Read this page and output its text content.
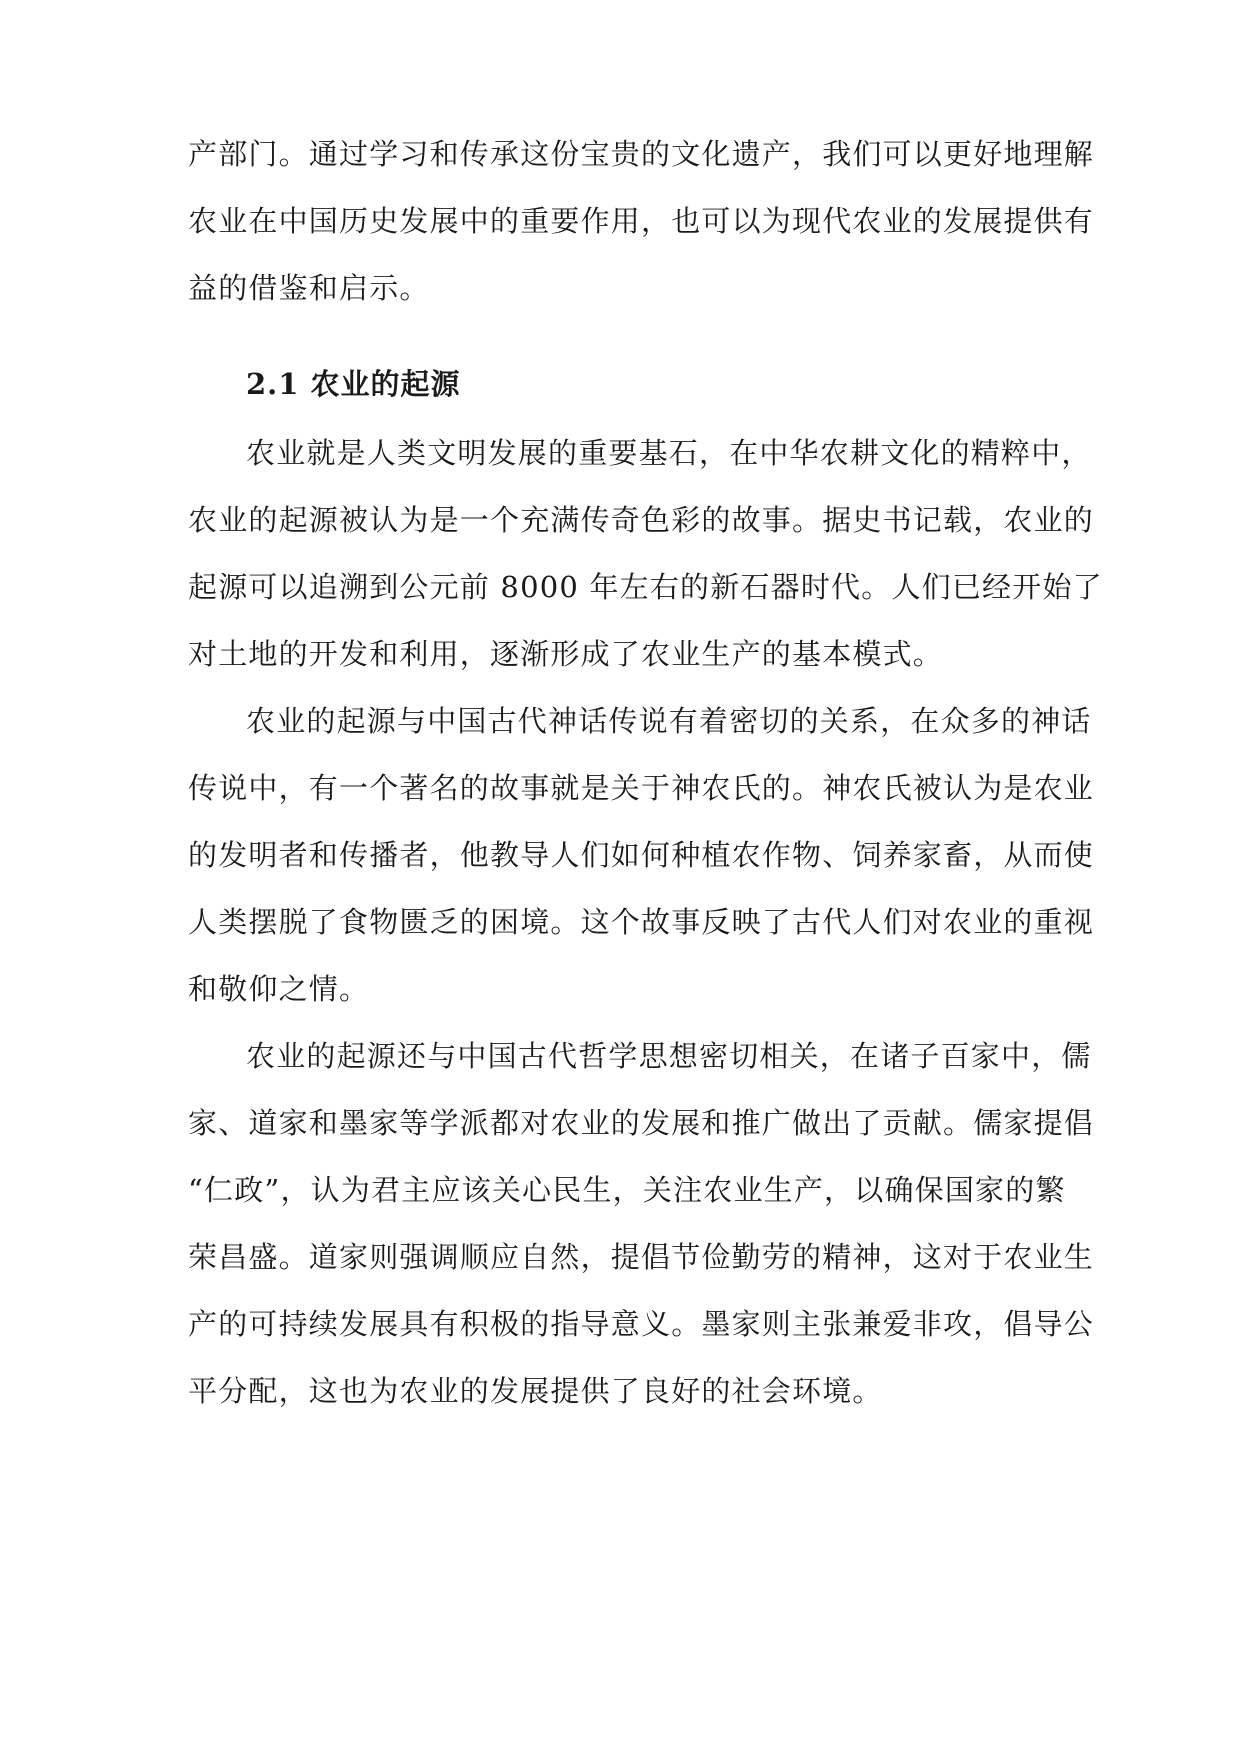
产部门。通过学习和传承这份宝贵的文化遗产，我们可以更好地理解
农业在中国历史发展中的重要作用，也可以为现代农业的发展提供有
益的借鉴和启示。
2.1 农业的起源
农业就是人类文明发展的重要基石，在中华农耕文化的精粹中，
农业的起源被认为是一个充满传奇色彩的故事。据史书记载，农业的
起源可以追溯到公元前 8000 年左右的新石器时代。人们已经开始了
对土地的开发和利用，逐渐形成了农业生产的基本模式。
农业的起源与中国古代神话传说有着密切的关系，在众多的神话
传说中，有一个著名的故事就是关于神农氏的。神农氏被认为是农业
的发明者和传播者，他教导人们如何种植农作物、饲养家畜，从而使
人类摆脱了食物匮乏的困境。这个故事反映了古代人们对农业的重视
和敬仰之情。
农业的起源还与中国古代哲学思想密切相关，在诸子百家中，儒
家、道家和墨家等学派都对农业的发展和推广做出了贡献。儒家提倡
“仁政”，认为君主应该关心民生，关注农业生产，以确保国家的繁
荣昌盛。道家则强调顺应自然，提倡节俭勤劳的精神，这对于农业生
产的可持续发展具有积极的指导意义。墨家则主张兼爱非攻，倡导公
平分配，这也为农业的发展提供了良好的社会环境。
